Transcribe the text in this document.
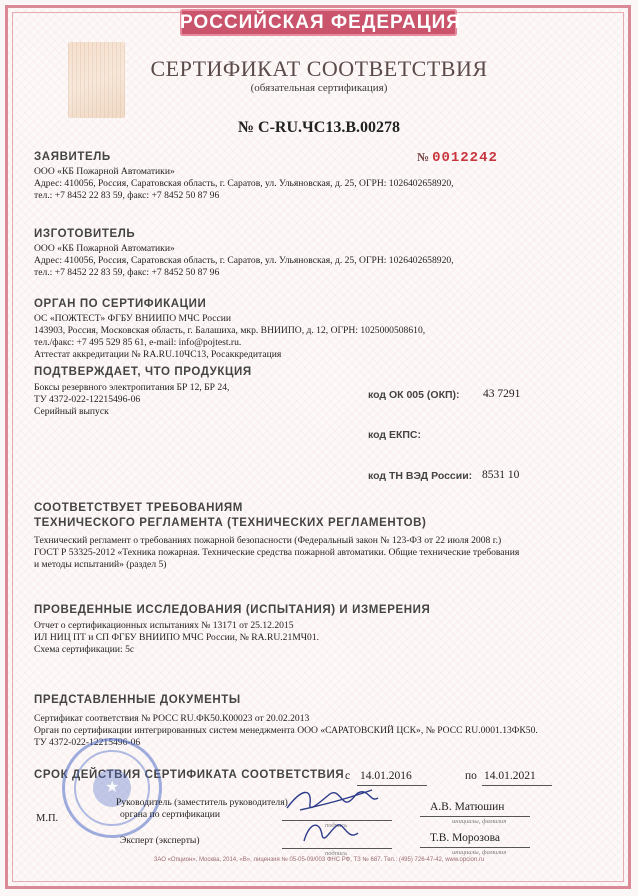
РОССИЙСКАЯ ФЕДЕРАЦИЯ
СЕРТИФИКАТ СООТВЕТСТВИЯ
(обязательная сертификация)
№ C-RU.ЧС13.В.00278
ЗАЯВИТЕЛЬ	№ 0012242
ООО «КБ Пожарной Автоматики»
Адрес: 410056, Россия, Саратовская область, г. Саратов, ул. Ульяновская, д. 25, ОГРН: 1026402658920,
тел.: +7 8452 22 83 59, факс: +7 8452 50 87 96
ИЗГОТОВИТЕЛЬ
ООО «КБ Пожарной Автоматики»
Адрес: 410056, Россия, Саратовская область, г. Саратов, ул. Ульяновская, д. 25, ОГРН: 1026402658920,
тел.: +7 8452 22 83 59, факс: +7 8452 50 87 96
ОРГАН ПО СЕРТИФИКАЦИИ
ОС «ПОЖТЕСТ» ФГБУ ВНИИПО МЧС России
143903, Россия, Московская область, г. Балашиха, мкр. ВНИИПО, д. 12, ОГРН: 1025000508610,
тел./факс: +7 495 529 85 61, e-mail: info@pojtest.ru.
Аттестат аккредитации № RA.RU.10ЧС13, Росаккредитация
ПОДТВЕРЖДАЕТ, ЧТО ПРОДУКЦИЯ
Боксы резервного электропитания БР 12, БР 24,
ТУ 4372-022-12215496-06
Серийный выпуск
код ОК 005 (ОКП): 43 7291
код ЕКПС:
код ТН ВЭД России: 8531 10
СООТВЕТСТВУЕТ ТРЕБОВАНИЯМ
ТЕХНИЧЕСКОГО РЕГЛАМЕНТА (ТЕХНИЧЕСКИХ РЕГЛАМЕНТОВ)
Технический регламент о требованиях пожарной безопасности (Федеральный закон № 123-ФЗ от 22 июля 2008 г.)
ГОСТ Р 53325-2012 «Техника пожарная. Технические средства пожарной автоматики. Общие технические требования
и методы испытаний» (раздел 5)
ПРОВЕДЕННЫЕ ИССЛЕДОВАНИЯ (ИСПЫТАНИЯ) И ИЗМЕРЕНИЯ
Отчет о сертификационных испытаниях № 13171 от 25.12.2015
ИЛ НИЦ ПТ и СП ФГБУ ВНИИПО МЧС России, № RA.RU.21МЧ01.
Схема сертификации: 5с
ПРЕДСТАВЛЕННЫЕ ДОКУМЕНТЫ
Сертификат соответствия № РОСС RU.ФК50.К00023 от 20.02.2013
Орган по сертификации интегрированных систем менеджмента ООО «САРАТОВСКИЙ ЦСК», № РОСС RU.0001.13ФК50.
ТУ 4372-022-12215496-06
СРОК ДЕЙСТВИЯ СЕРТИФИКАТА СООТВЕТСТВИЯ с 14.01.2016	по 14.01.2021
★
Руководитель (заместитель руководителя)
органа по сертификации
М.П.
подпись
А.В. Матюшин
инициалы, фамилия
Эксперт (эксперты)
подпись
Т.В. Морозова
инициалы, фамилия
ЗАО «Опцион», Москва, 2014, «В», лицензия № 05-05-09/003 ФНС РФ, ТЗ № 687. Тел.: (495) 726-47-42, www.opcion.ru
